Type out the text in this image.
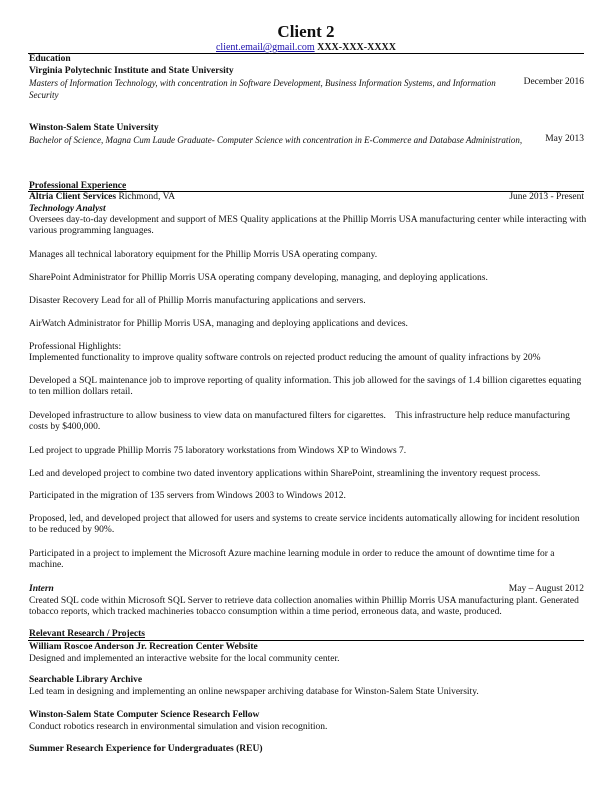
Client 2
client.email@gmail.com XXX-XXX-XXXX
Education
Virginia Polytechnic Institute and State University
Masters of Information Technology, with concentration in Software Development, Business Information Systems, and Information Security
December 2016
Winston-Salem State University
Bachelor of Science, Magna Cum Laude Graduate- Computer Science with concentration in E-Commerce and Database Administration, May 2013
Professional Experience
Altria Client Services Richmond, VA	June 2013 - Present
Technology Analyst
Oversees day-to-day development and support of MES Quality applications at the Phillip Morris USA manufacturing center while interacting with various programming languages.
Manages all technical laboratory equipment for the Phillip Morris USA operating company.
SharePoint Administrator for Phillip Morris USA operating company developing, managing, and deploying applications.
Disaster Recovery Lead for all of Phillip Morris manufacturing applications and servers.
AirWatch Administrator for Phillip Morris USA, managing and deploying applications and devices.
Professional Highlights:
Implemented functionality to improve quality software controls on rejected product reducing the amount of quality infractions by 20%
Developed a SQL maintenance job to improve reporting of quality information. This job allowed for the savings of 1.4 billion cigarettes equating to ten million dollars retail.
Developed infrastructure to allow business to view data on manufactured filters for cigarettes.    This infrastructure help reduce manufacturing costs by $400,000.
Led project to upgrade Phillip Morris 75 laboratory workstations from Windows XP to Windows 7.
Led and developed project to combine two dated inventory applications within SharePoint, streamlining the inventory request process.
Participated in the migration of 135 servers from Windows 2003 to Windows 2012.
Proposed, led, and developed project that allowed for users and systems to create service incidents automatically allowing for incident resolution to be reduced by 90%.
Participated in a project to implement the Microsoft Azure machine learning module in order to reduce the amount of downtime time for a machine.
Intern	May – August 2012
Created SQL code within Microsoft SQL Server to retrieve data collection anomalies within Phillip Morris USA manufacturing plant. Generated tobacco reports, which tracked machineries tobacco consumption within a time period, erroneous data, and waste, produced.
Relevant Research / Projects
William Roscoe Anderson Jr. Recreation Center Website
Designed and implemented an interactive website for the local community center.
Searchable Library Archive
Led team in designing and implementing an online newspaper archiving database for Winston-Salem State University.
Winston-Salem State Computer Science Research Fellow
Conduct robotics research in environmental simulation and vision recognition.
Summer Research Experience for Undergraduates (REU)
